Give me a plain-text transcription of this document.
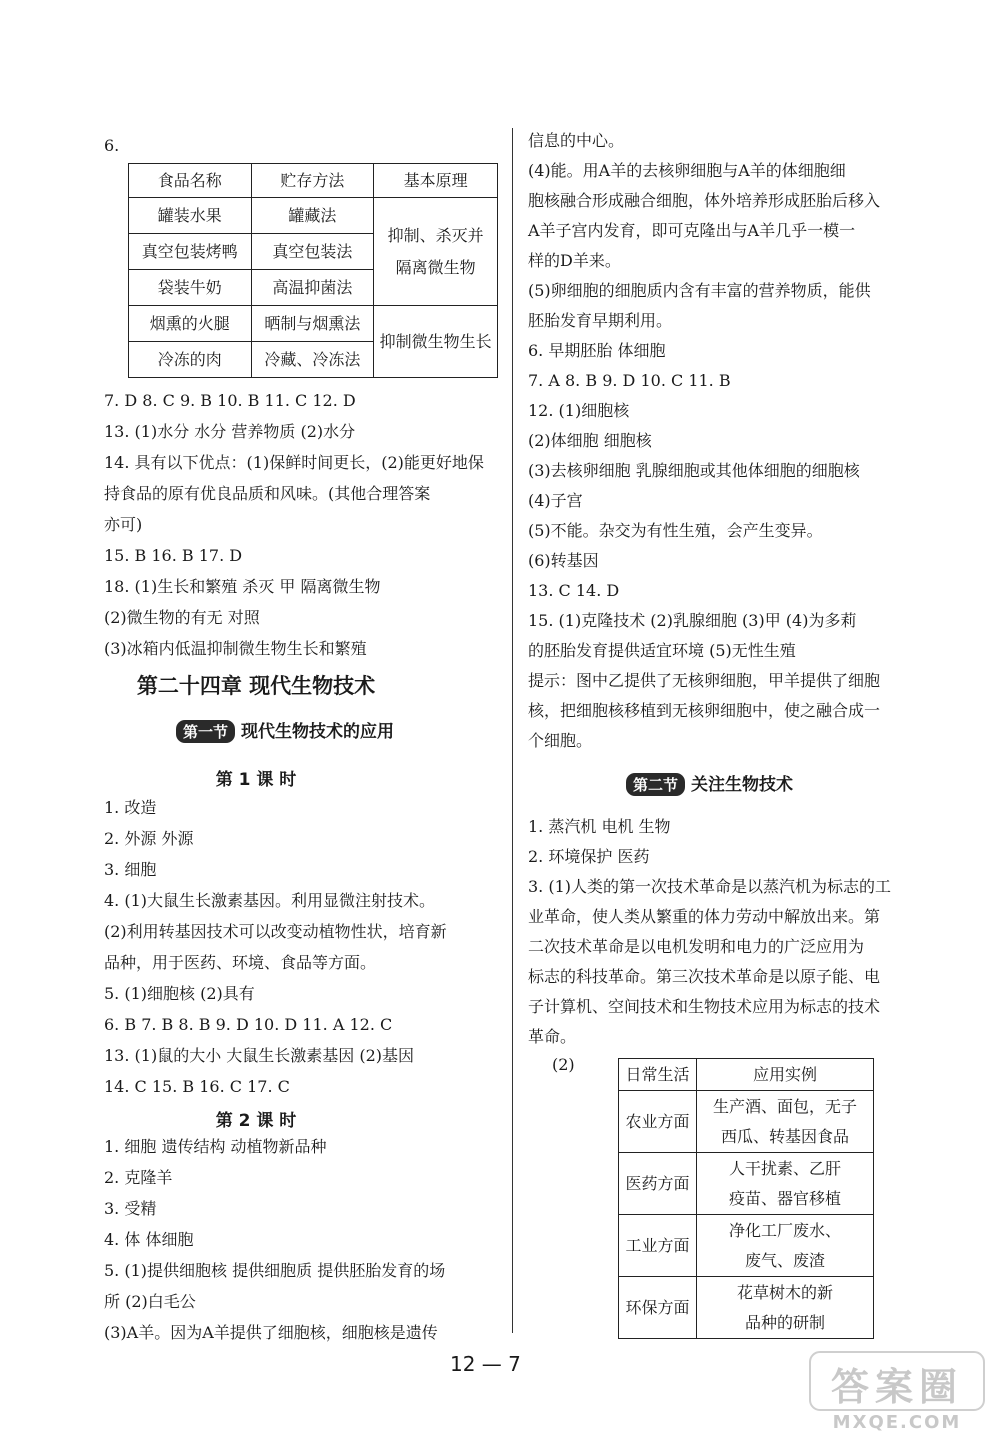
6.
食品名称	贮存方法	基本原理
罐装水果	罐藏法	抑制、杀灭并
隔离微生物

真空包装烤鸭	真空包装法	
袋装牛奶	高温抑菌法	
烟熏的火腿	晒制与烟熏法	抑制微生物生长
冷冻的肉	冷藏、冷冻法	
7. D 8. C 9. B 10. B 11. C 12. D
13. (1)水分 水分 营养物质 (2)水分
14. 具有以下优点：(1)保鲜时间更长，(2)能更好地保
持食品的原有优良品质和风味。(其他合理答案
亦可)
15. B 16. B 17. D
18. (1)生长和繁殖 杀灭 甲 隔离微生物
(2)微生物的有无 对照
(3)冰箱内低温抑制微生物生长和繁殖
第二十四章 现代生物技术
第一节 现代生物技术的应用
第 1 课 时
1. 改造
2. 外源 外源
3. 细胞
4. (1)大鼠生长激素基因。利用显微注射技术。
(2)利用转基因技术可以改变动植物性状，培育新
品种，用于医药、环境、食品等方面。
5. (1)细胞核 (2)具有
6. B 7. B 8. B 9. D 10. D 11. A 12. C
13. (1)鼠的大小 大鼠生长激素基因 (2)基因
14. C 15. B 16. C 17. C
第 2 课 时
1. 细胞 遗传结构 动植物新品种
2. 克隆羊
3. 受精
4. 体 体细胞
5. (1)提供细胞核 提供细胞质 提供胚胎发育的场
所 (2)白毛公
(3)A羊。因为A羊提供了细胞核，细胞核是遗传
信息的中心。
(4)能。用A羊的去核卵细胞与A羊的体细胞细
胞核融合形成融合细胞，体外培养形成胚胎后移入
A羊子宫内发育，即可克隆出与A羊几乎一模一
样的D羊来。
(5)卵细胞的细胞质内含有丰富的营养物质，能供
胚胎发育早期利用。
6. 早期胚胎 体细胞
7. A 8. B 9. D 10. C 11. B
12. (1)细胞核
(2)体细胞 细胞核
(3)去核卵细胞 乳腺细胞或其他体细胞的细胞核
(4)子宫
(5)不能。杂交为有性生殖，会产生变异。
(6)转基因
13. C 14. D
15. (1)克隆技术 (2)乳腺细胞 (3)甲 (4)为多莉
的胚胎发育提供适宜环境 (5)无性生殖
提示：图中乙提供了无核卵细胞，甲羊提供了细胞
核，把细胞核移植到无核卵细胞中，使之融合成一
个细胞。
第二节 关注生物技术
1. 蒸汽机 电机 生物
2. 环境保护 医药
3. (1)人类的第一次技术革命是以蒸汽机为标志的工
业革命，使人类从繁重的体力劳动中解放出来。第
二次技术革命是以电机发明和电力的广泛应用为
标志的科技革命。第三次技术革命是以原子能、电
子计算机、空间技术和生物技术应用为标志的技术
革命。
(2)	日常生活	应用实例
农业方面	生产酒、面包，无子
西瓜、转基因食品

医药方面	人干扰素、乙肝
疫苗、器官移植

工业方面	净化工厂废水、
废气、废渣

环保方面	花草树木的新
品种的研制
12 — 7
答案圈
MXQE.COM
